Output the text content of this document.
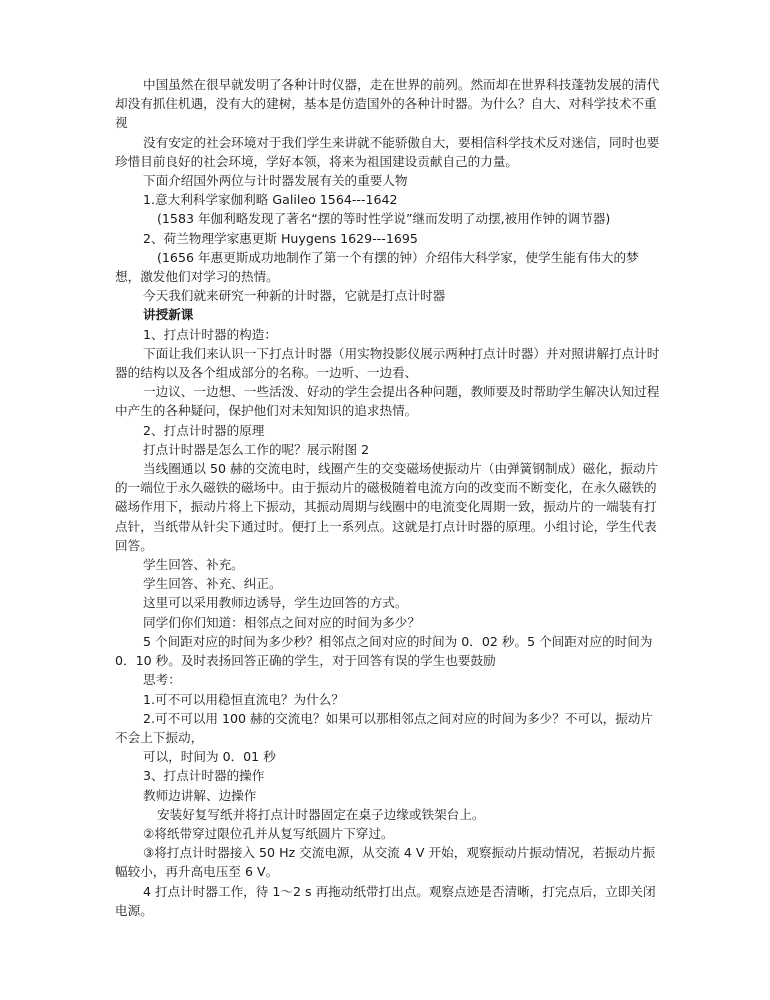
中国虽然在很早就发明了各种计时仪器，走在世界的前列。然而却在世界科技蓬勃发展的清代却没有抓住机遇，没有大的建树，基本是仿造国外的各种计时器。为什么？自大、对科学技术不重视

没有安定的社会环境对于我们学生来讲就不能骄傲自大，要相信科学技术反对迷信，同时也要珍惜目前良好的社会环境，学好本领，将来为祖国建设贡献自己的力量。

下面介绍国外两位与计时器发展有关的重要人物

1.意大利科学家伽利略 Galileo 1564---1642

(1583 年伽利略发现了著名“摆的等时性学说”继而发明了动摆,被用作钟的调节器)

2、荷兰物理学家惠更斯 Huygens 1629---1695

(1656 年惠更斯成功地制作了第一个有摆的钟）介绍伟大科学家，使学生能有伟大的梦想，激发他们对学习的热情。

今天我们就来研究一种新的计时器，它就是打点计时器

讲授新课

1、打点计时器的构造：

下面让我们来认识一下打点计时器（用实物投影仪展示两种打点计时器）并对照讲解打点计时器的结构以及各个组成部分的名称。一边听、一边看、

一边议、一边想、一些活泼、好动的学生会提出各种问题，教师要及时帮助学生解决认知过程中产生的各种疑问，保护他们对未知知识的追求热情。

2、打点计时器的原理

打点计时器是怎么工作的呢？展示附图 2

当线圈通以 50 赫的交流电时，线圈产生的交变磁场使振动片（由弹簧钢制成）磁化，振动片的一端位于永久磁铁的磁场中。由于振动片的磁极随着电流方向的改变而不断变化，在永久磁铁的磁场作用下，振动片将上下振动，其振动周期与线圈中的电流变化周期一致，振动片的一端装有打点针，当纸带从针尖下通过时。便打上一系列点。这就是打点计时器的原理。小组讨论，学生代表回答。

学生回答、补充。

学生回答、补充、纠正。

这里可以采用教师边诱导，学生边回答的方式。

同学们你们知道：相邻点之间对应的时间为多少？

5 个间距对应的时间为多少秒？相邻点之间对应的时间为 0．02 秒。5 个间距对应的时间为 0．10 秒。及时表扬回答正确的学生，对于回答有误的学生也要鼓励

思考：

1.可不可以用稳恒直流电？为什么？

2.可不可以用 100 赫的交流电？如果可以那相邻点之间对应的时间为多少？不可以，振动片不会上下振动，

可以，时间为 0．01 秒

3、打点计时器的操作

教师边讲解、边操作

安装好复写纸并将打点计时器固定在桌子边缘或铁架台上。

②将纸带穿过限位孔并从复写纸圆片下穿过。

③将打点计时器接入 50 Hz 交流电源，从交流 4 V 开始，观察振动片振动情况，若振动片振幅较小，再升高电压至 6 V。

4 打点计时器工作，待 1～2 s 再拖动纸带打出点。观察点迹是否清晰，打完点后，立即关闭电源。
